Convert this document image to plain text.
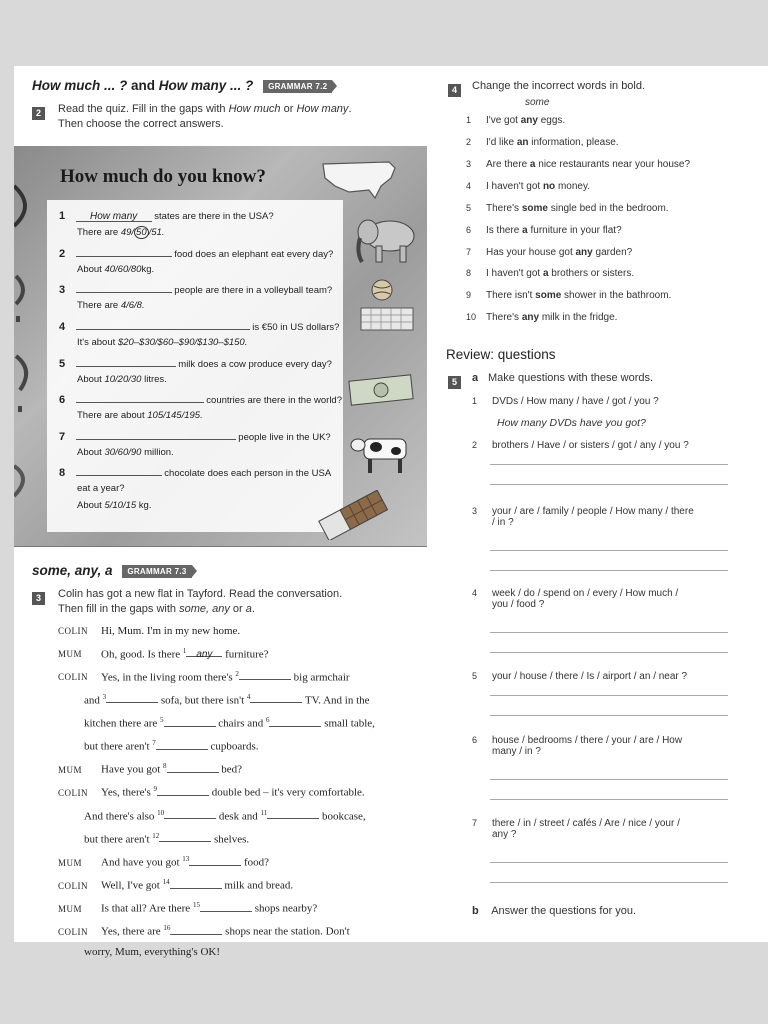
How much ... ? and How many ... ? GRAMMAR 7.2
2 Read the quiz. Fill in the gaps with How much or How many.
Then choose the correct answers.
How much do you know?
1 How many states are there in the USA?
There are 49/ 50 /51.
2	food does an elephant eat every day?
About 40/60/80kg.
3	people are there in a volleyball team?
There are 4/6/8.
4	is €50 in US dollars?
It's about $20–$30/$60–$90/$130–$150.
5	milk does a cow produce every day?
About 10/20/30 litres.
6	countries are there in the world?
There are about 105/145/195.
7	people live in the UK?
About 30/60/90 million.
8	chocolate does each person in the USA
eat a year?
About 5/10/15 kg.
some, any, a GRAMMAR 7.3
3 Colin has got a new flat in Tayford. Read the conversation.
Then fill in the gaps with some, any or a.
COLIN Hi, Mum. I'm in my new home.
MUM Oh, good. Is there $^1$ any furniture?
COLIN Yes, in the living room there's $^2$	big armchair
and $^3$	sofa, but there isn't $^4$	TV. And in the
kitchen there are $^5$	chairs and $^6$	small table,
but there aren't $^7$	cupboards.
MUM Have you got $^8$	bed?
COLIN Yes, there's $^9$	double bed – it's very comfortable.
And there's also $^{10}$	desk and $^{11}$	bookcase,
but there aren't $^{12}$	shelves.
MUM And have you got $^{13}$	food?
COLIN Well, I've got $^{14}$	milk and bread.
MUM Is that all? Are there $^{15}$	shops nearby?
COLIN Yes, there are $^{16}$	shops near the station. Don't
worry, Mum, everything's OK!
4 Change the incorrect words in bold.
some
1 I've got any eggs.
2 I'd like an information, please.
3 Are there a nice restaurants near your house?
4 I haven't got no money.
5 There's some single bed in the bedroom.
6 Is there a furniture in your flat?
7 Has your house got any garden?
8 I haven't got a brothers or sisters.
9 There isn't some shower in the bathroom.
10 There's any milk in the fridge.
Review: questions
5 a Make questions with these words.
1 DVDs / How many / have / got / you ?
How many DVDs have you got?
2 brothers / Have / or sisters / got / any / you ?
3 your / are / family / people / How many / there
/ in ?
4 week / do / spend on / every / How much /
you / food ?
5 your / house / there / Is / airport / an / near ?
6 house / bedrooms / there / your / are / How
many / in ?
7 there / in / street / cafés / Are / nice / your /
any ?
b Answer the questions for you.
